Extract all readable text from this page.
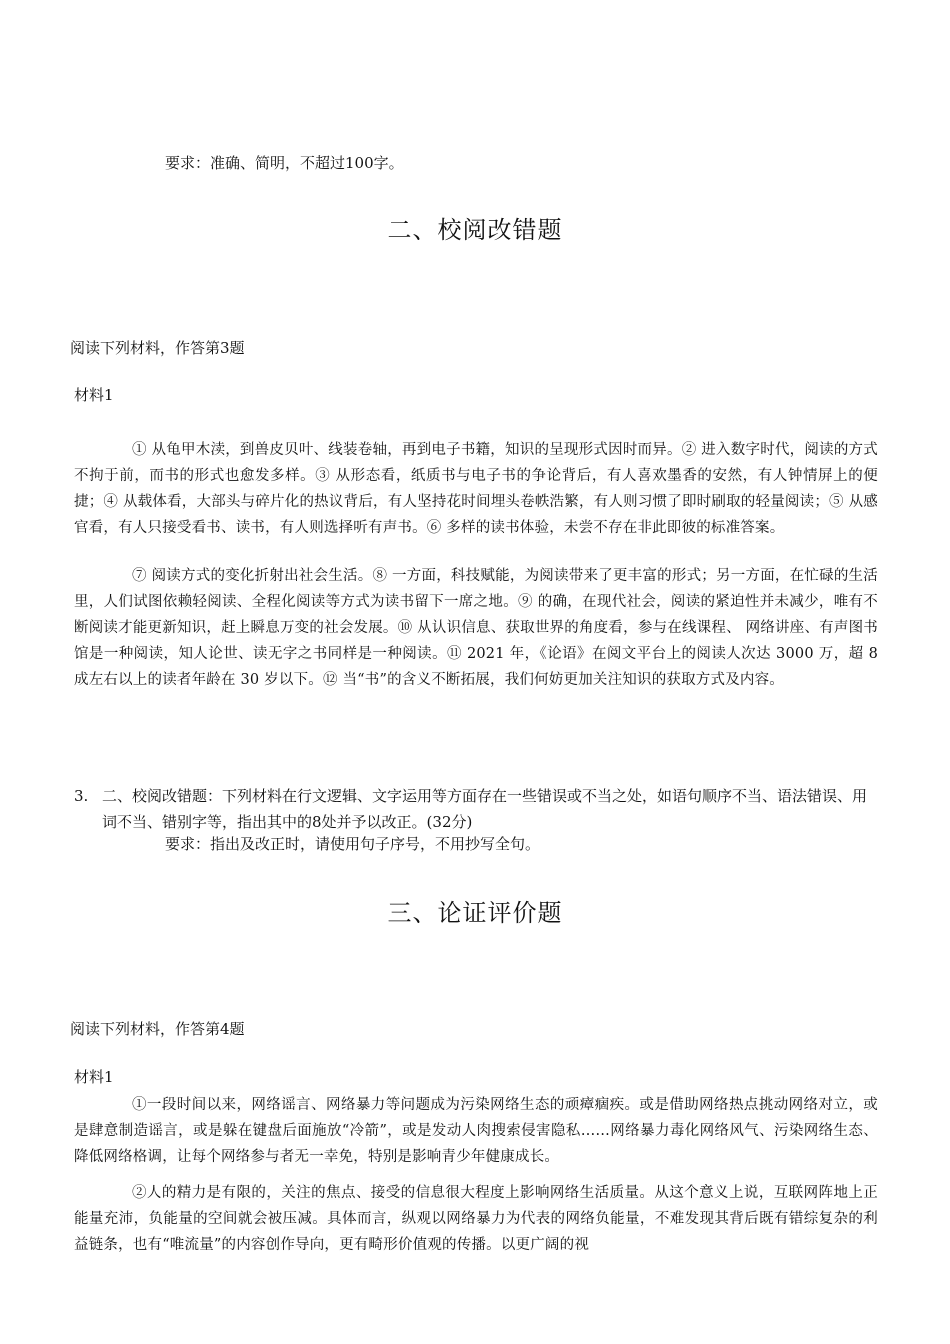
要求：准确、简明，不超过100字。
二、校阅改错题
阅读下列材料，作答第3题
材料1
① 从龟甲木渎，到兽皮贝叶、线装卷轴，再到电子书籍，知识的呈现形式因时而异。② 进入数字时代，阅读的方式不拘于前，而书的形式也愈发多样。③ 从形态看，纸质书与电子书的争论背后，有人喜欢墨香的安然，有人钟情屏上的便捷；④ 从载体看，大部头与碎片化的热议背后，有人坚持花时间埋头卷帙浩繁，有人则习惯了即时刷取的轻量阅读；⑤ 从感官看，有人只接受看书、读书，有人则选择听有声书。⑥ 多样的读书体验，未尝不存在非此即彼的标准答案。
⑦ 阅读方式的变化折射出社会生活。⑧ 一方面，科技赋能，为阅读带来了更丰富的形式；另一方面，在忙碌的生活里，人们试图依赖轻阅读、全程化阅读等方式为读书留下一席之地。⑨ 的确，在现代社会，阅读的紧迫性并未减少，唯有不断阅读才能更新知识，赶上瞬息万变的社会发展。⑩ 从认识信息、获取世界的角度看，参与在线课程、 网络讲座、有声图书馆是一种阅读，知人论世、读无字之书同样是一种阅读。⑪ 2021 年，《论语》在阅文平台上的阅读人次达 3000 万，超 8 成左右以上的读者年龄在 30 岁以下。⑫ 当“书”的含义不断拓展，我们何妨更加关注知识的获取方式及内容。
3. 二、校阅改错题：下列材料在行文逻辑、文字运用等方面存在一些错误或不当之处，如语句顺序不当、语法错误、用词不当、错别字等，指出其中的8处并予以改正。(32分)
要求：指出及改正时，请使用句子序号，不用抄写全句。
三、论证评价题
阅读下列材料，作答第4题
材料1
①一段时间以来，网络谣言、网络暴力等问题成为污染网络生态的顽瘴痼疾。或是借助网络热点挑动网络对立，或是肆意制造谣言，或是躲在键盘后面施放“冷箭”，或是发动人肉搜索侵害隐私……网络暴力毒化网络风气、污染网络生态、降低网络格调，让每个网络参与者无一幸免，特别是影响青少年健康成长。
②人的精力是有限的，关注的焦点、接受的信息很大程度上影响网络生活质量。从这个意义上说，互联网阵地上正能量充沛，负能量的空间就会被压减。具体而言，纵观以网络暴力为代表的网络负能量，不难发现其背后既有错综复杂的利益链条，也有“唯流量”的内容创作导向，更有畸形价值观的传播。以更广阔的视
